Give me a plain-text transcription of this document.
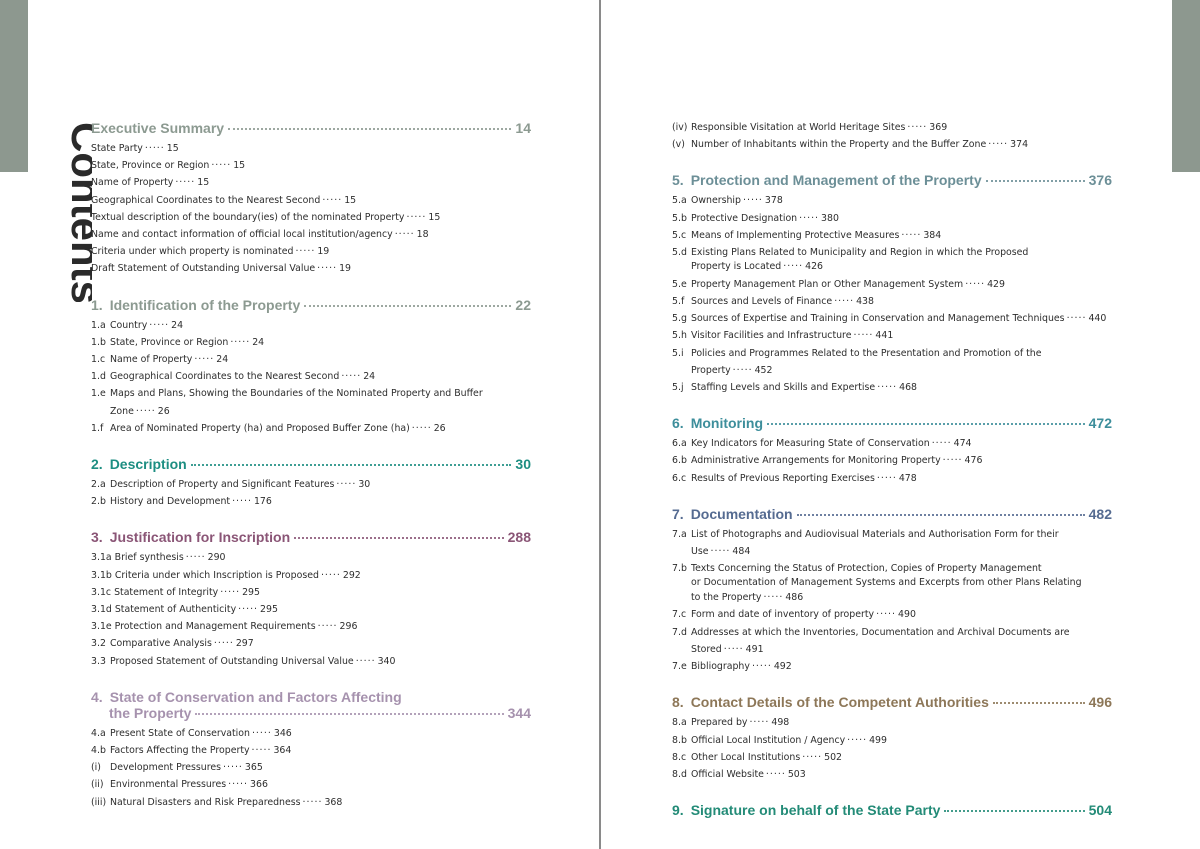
Contents
Executive Summary	14
State Party ····· 15
State, Province or Region ····· 15
Name of Property ····· 15
Geographical Coordinates to the Nearest Second ····· 15
Textual description of the boundary(ies) of the nominated Property ····· 15
Name and contact information of official local institution/agency ····· 18
Criteria under which property is nominated ····· 19
Draft Statement of Outstanding Universal Value ····· 19
1. Identification of the Property	22
1.a Country ····· 24
1.b State, Province or Region ····· 24
1.c Name of Property ····· 24
1.d Geographical Coordinates to the Nearest Second ····· 24
1.e Maps and Plans, Showing the Boundaries of the Nominated Property and Buffer Zone ····· 26
1.f Area of Nominated Property (ha) and Proposed Buffer Zone (ha) ····· 26
2. Description	30
2.a Description of Property and Significant Features ····· 30
2.b History and Development ····· 176
3. Justification for Inscription	288
3.1a Brief synthesis ····· 290
3.1b Criteria under which Inscription is Proposed ····· 292
3.1c Statement of Integrity ····· 295
3.1d Statement of Authenticity ····· 295
3.1e Protection and Management Requirements ····· 296
3.2 Comparative Analysis ····· 297
3.3 Proposed Statement of Outstanding Universal Value ····· 340
4. State of Conservation and Factors Affecting
the Property	344
4.a Present State of Conservation ····· 346
4.b Factors Affecting the Property ····· 364
(i) Development Pressures ····· 365
(ii) Environmental Pressures ····· 366
(iii) Natural Disasters and Risk Preparedness ····· 368
(iv) Responsible Visitation at World Heritage Sites ····· 369
(v) Number of Inhabitants within the Property and the Buffer Zone ····· 374
5. Protection and Management of the Property	376
5.a Ownership ····· 378
5.b Protective Designation ····· 380
5.c Means of Implementing Protective Measures ····· 384
5.d Existing Plans Related to Municipality and Region in which the Proposed
Property is Located ····· 426
5.e Property Management Plan or Other Management System ····· 429
5.f Sources and Levels of Finance ····· 438
5.g Sources of Expertise and Training in Conservation and Management Techniques ····· 440
5.h Visitor Facilities and Infrastructure ····· 441
5.i Policies and Programmes Related to the Presentation and Promotion of the Property ····· 452
5.j Staffing Levels and Skills and Expertise ····· 468
6. Monitoring	472
6.a Key Indicators for Measuring State of Conservation ····· 474
6.b Administrative Arrangements for Monitoring Property ····· 476
6.c Results of Previous Reporting Exercises ····· 478
7. Documentation	482
7.a List of Photographs and Audiovisual Materials and Authorisation Form for their Use ····· 484
7.b Texts Concerning the Status of Protection, Copies of Property Management
or Documentation of Management Systems and Excerpts from other Plans Relating
to the Property ····· 486
7.c Form and date of inventory of property ····· 490
7.d Addresses at which the Inventories, Documentation and Archival Documents are Stored ····· 491
7.e Bibliography ····· 492
8. Contact Details of the Competent Authorities	496
8.a Prepared by ····· 498
8.b Official Local Institution / Agency ····· 499
8.c Other Local Institutions ····· 502
8.d Official Website ····· 503
9. Signature on behalf of the State Party	504
